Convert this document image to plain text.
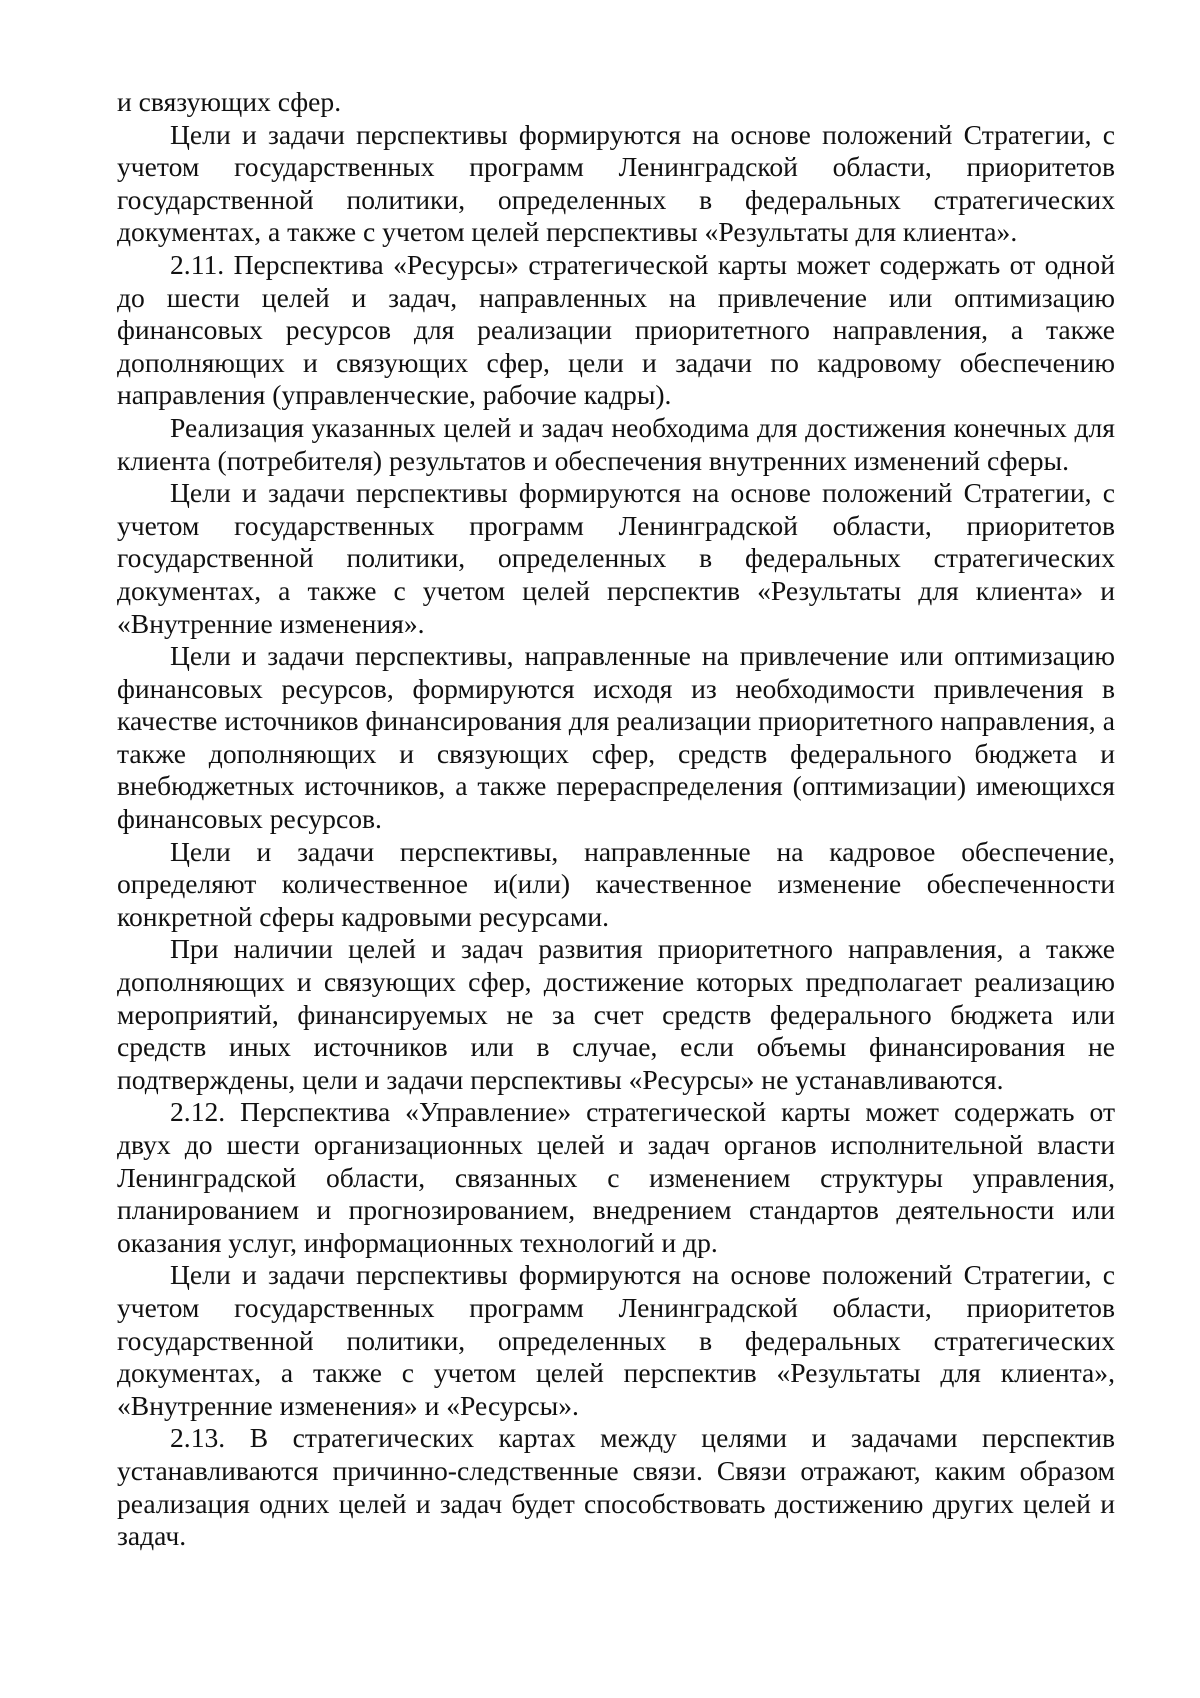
и связующих сфер.

Цели и задачи перспективы формируются на основе положений Стратегии, с учетом государственных программ Ленинградской области, приоритетов государственной политики, определенных в федеральных стратегических документах, а также с учетом целей перспективы «Результаты для клиента».

2.11. Перспектива «Ресурсы» стратегической карты может содержать от одной до шести целей и задач, направленных на привлечение или оптимизацию финансовых ресурсов для реализации приоритетного направления, а также дополняющих и связующих сфер, цели и задачи по кадровому обеспечению направления (управленческие, рабочие кадры).

Реализация указанных целей и задач необходима для достижения конечных для клиента (потребителя) результатов и обеспечения внутренних изменений сферы.

Цели и задачи перспективы формируются на основе положений Стратегии, с учетом государственных программ Ленинградской области, приоритетов государственной политики, определенных в федеральных стратегических документах, а также с учетом целей перспектив «Результаты для клиента» и «Внутренние изменения».

Цели и задачи перспективы, направленные на привлечение или оптимизацию финансовых ресурсов, формируются исходя из необходимости привлечения в качестве источников финансирования для реализации приоритетного направления, а также дополняющих и связующих сфер, средств федерального бюджета и внебюджетных источников, а также перераспределения (оптимизации) имеющихся финансовых ресурсов.

Цели и задачи перспективы, направленные на кадровое обеспечение, определяют количественное и(или) качественное изменение обеспеченности конкретной сферы кадровыми ресурсами.

При наличии целей и задач развития приоритетного направления, а также дополняющих и связующих сфер, достижение которых предполагает реализацию мероприятий, финансируемых не за счет средств федерального бюджета или средств иных источников или в случае, если объемы финансирования не подтверждены, цели и задачи перспективы «Ресурсы» не устанавливаются.

2.12. Перспектива «Управление» стратегической карты может содержать от двух до шести организационных целей и задач органов исполнительной власти Ленинградской области, связанных с изменением структуры управления, планированием и прогнозированием, внедрением стандартов деятельности или оказания услуг, информационных технологий и др.

Цели и задачи перспективы формируются на основе положений Стратегии, с учетом государственных программ Ленинградской области, приоритетов государственной политики, определенных в федеральных стратегических документах, а также с учетом целей перспектив «Результаты для клиента», «Внутренние изменения» и «Ресурсы».

2.13. В стратегических картах между целями и задачами перспектив устанавливаются причинно-следственные связи. Связи отражают, каким образом реализация одних целей и задач будет способствовать достижению других целей и задач.
